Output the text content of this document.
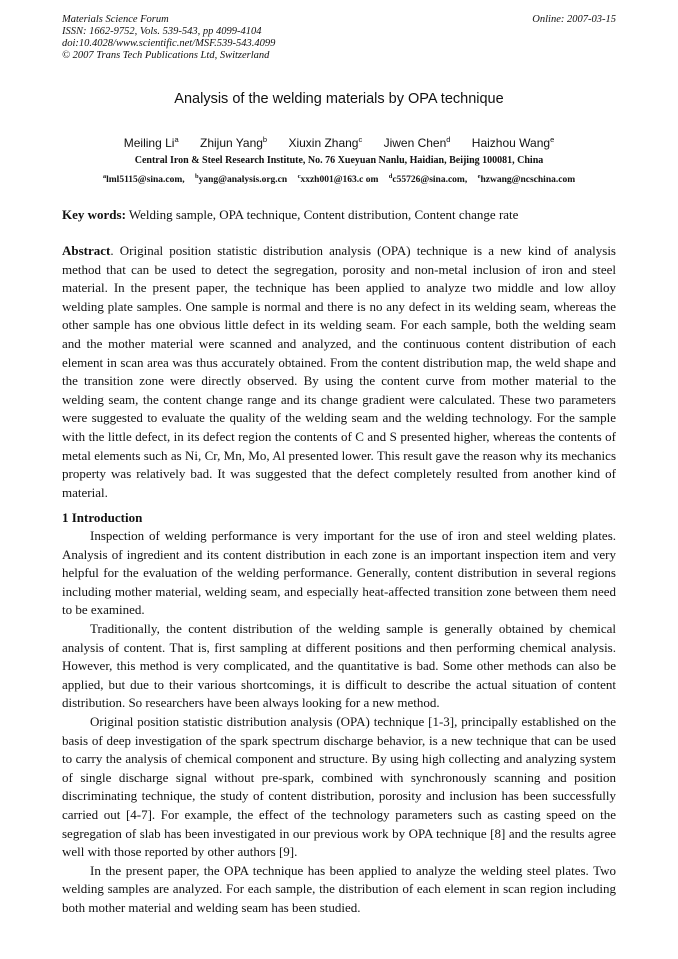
Materials Science Forum
ISSN: 1662-9752, Vols. 539-543, pp 4099-4104
doi:10.4028/www.scientific.net/MSF.539-543.4099
© 2007 Trans Tech Publications Ltd, Switzerland
Online: 2007-03-15
Analysis of the welding materials by OPA technique
Meiling Li$^a$ Zhijun Yang$^b$ Xiuxin Zhang$^c$ Jiwen Chen$^d$ Haizhou Wang$^e$
Central Iron & Steel Research Institute, No. 76 Xueyuan Nanlu, Haidian, Beijing 100081, China
$^a$lml5115@sina.com, $^b$yang@analysis.org.cn $^c$xxzh001@163.c om $^d$c55726@sina.com, $^e$hzwang@ncschina.com
Key words: Welding sample, OPA technique, Content distribution, Content change rate
Abstract. Original position statistic distribution analysis (OPA) technique is a new kind of analysis method that can be used to detect the segregation, porosity and non-metal inclusion of iron and steel material. In the present paper, the technique has been applied to analyze two middle and low alloy welding plate samples. One sample is normal and there is no any defect in its welding seam, whereas the other sample has one obvious little defect in its welding seam. For each sample, both the welding seam and the mother material were scanned and analyzed, and the continuous content distribution of each element in scan area was thus accurately obtained. From the content distribution map, the weld shape and the transition zone were directly observed. By using the content curve from mother material to the welding seam, the content change range and its change gradient were calculated. These two parameters were suggested to evaluate the quality of the welding seam and the welding technology. For the sample with the little defect, in its defect region the contents of C and S presented higher, whereas the contents of metal elements such as Ni, Cr, Mn, Mo, Al presented lower. This result gave the reason why its mechanics property was relatively bad. It was suggested that the defect completely resulted from another kind of material.
1 Introduction

Inspection of welding performance is very important for the use of iron and steel welding plates. Analysis of ingredient and its content distribution in each zone is an important inspection item and very helpful for the evaluation of the welding performance. Generally, content distribution in several regions including mother material, welding seam, and especially heat-affected transition zone between them need to be examined.

Traditionally, the content distribution of the welding sample is generally obtained by chemical analysis of content. That is, first sampling at different positions and then performing chemical analysis. However, this method is very complicated, and the quantitative is bad. Some other methods can also be applied, but due to their various shortcomings, it is difficult to describe the actual situation of content distribution. So researchers have been always looking for a new method.

Original position statistic distribution analysis (OPA) technique [1-3], principally established on the basis of deep investigation of the spark spectrum discharge behavior, is a new technique that can be used to carry the analysis of chemical component and structure. By using high collecting and analyzing system of single discharge signal without pre-spark, combined with synchronously scanning and position discriminating technique, the study of content distribution, porosity and inclusion has been successfully carried out [4-7]. For example, the effect of the technology parameters such as casting speed on the segregation of slab has been investigated in our previous work by OPA technique [8] and the results agree well with those reported by other authors [9].

In the present paper, the OPA technique has been applied to analyze the welding steel plates. Two welding samples are analyzed. For each sample, the distribution of each element in scan region including both mother material and welding seam has been studied.
